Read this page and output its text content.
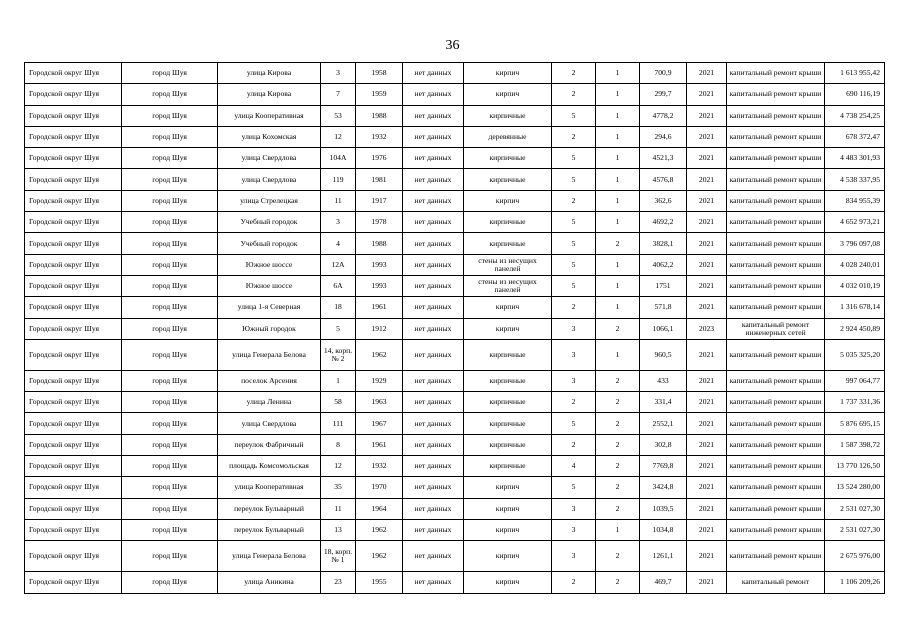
36
Городской округ Шуя	город Шуя	улица Кирова	3	1958	нет данных	кирпич	2	1	700,9	2021	капитальный ремонт крыши	1 613 955,42
Городской округ Шуя	город Шуя	улица Кирова	7	1959	нет данных	кирпич	2	1	299,7	2021	капитальный ремонт крыши	690 116,19
Городской округ Шуя	город Шуя	улица Кооперативная	53	1988	нет данных	кирпичные	5	1	4778,2	2021	капитальный ремонт крыши	4 738 254,25
Городской округ Шуя	город Шуя	улица Кохомская	12	1932	нет данных	деревянные	2	1	294,6	2021	капитальный ремонт крыши	678 372,47
Городской округ Шуя	город Шуя	улица Свердлова	104А	1976	нет данных	кирпичные	5	1	4521,3	2021	капитальный ремонт крыши	4 483 301,93
Городской округ Шуя	город Шуя	улица Свердлова	119	1981	нет данных	кирпичные	5	1	4576,8	2021	капитальный ремонт крыши	4 538 337,95
Городской округ Шуя	город Шуя	улица Стрелецкая	11	1917	нет данных	кирпич	2	1	362,6	2021	капитальный ремонт крыши	834 955,39
Городской округ Шуя	город Шуя	Учебный городок	3	1978	нет данных	кирпичные	5	1	4692,2	2021	капитальный ремонт крыши	4 652 973,21
Городской округ Шуя	город Шуя	Учебный городок	4	1988	нет данных	кирпичные	5	2	3828,1	2021	капитальный ремонт крыши	3 796 097,08
Городской округ Шуя	город Шуя	Южное шоссе	12А	1993	нет данных	стены из несущих панелей	5	1	4062,2	2021	капитальный ремонт крыши	4 028 240,01
Городской округ Шуя	город Шуя	Южное шоссе	6А	1993	нет данных	стены из несущих панелей	5	1	1751	2021	капитальный ремонт крыши	4 032 010,19
Городской округ Шуя	город Шуя	улица 1-я Северная	18	1961	нет данных	кирпич	2	1	571,8	2021	капитальный ремонт крыши	1 316 678,14
Городской округ Шуя	город Шуя	Южный городок	5	1912	нет данных	кирпич	3	2	1066,1	2023	капитальный ремонт инженерных сетей	2 924 450,89
Городской округ Шуя	город Шуя	улица Генерала Белова	14, корп. № 2	1962	нет данных	кирпичные	3	1	960,5	2021	капитальный ремонт крыши	5 035 325,20
Городской округ Шуя	город Шуя	поселок Арсения	1	1929	нет данных	кирпичные	3	2	433	2021	капитальный ремонт крыши	997 064,77
Городской округ Шуя	город Шуя	улица Ленина	58	1963	нет данных	кирпичные	2	2	331,4	2021	капитальный ремонт крыши	1 737 331,36
Городской округ Шуя	город Шуя	улица Свердлова	111	1967	нет данных	кирпичные	5	2	2552,1	2021	капитальный ремонт крыши	5 876 695,15
Городской округ Шуя	город Шуя	переулок Фабричный	8	1961	нет данных	кирпичные	2	2	302,8	2021	капитальный ремонт крыши	1 587 398,72
Городской округ Шуя	город Шуя	площадь Комсомольская	12	1932	нет данных	кирпичные	4	2	7769,8	2021	капитальный ремонт крыши	13 770 126,50
Городской округ Шуя	город Шуя	улица Кооперативная	35	1970	нет данных	кирпич	5	2	3424,8	2021	капитальный ремонт крыши	13 524 280,00
Городской округ Шуя	город Шуя	переулок Бульварный	11	1964	нет данных	кирпич	3	2	1039,5	2021	капитальный ремонт крыши	2 531 027,30
Городской округ Шуя	город Шуя	переулок Бульварный	13	1962	нет данных	кирпич	3	1	1034,8	2021	капитальный ремонт крыши	2 531 027,30
Городской округ Шуя	город Шуя	улица Генерала Белова	18, корп. № 1	1962	нет данных	кирпич	3	2	1261,1	2021	капитальный ремонт крыши	2 675 976,00
Городской округ Шуя	город Шуя	улица Аникина	23	1955	нет данных	кирпич	2	2	469,7	2021	капитальный ремонт	1 106 209,26
